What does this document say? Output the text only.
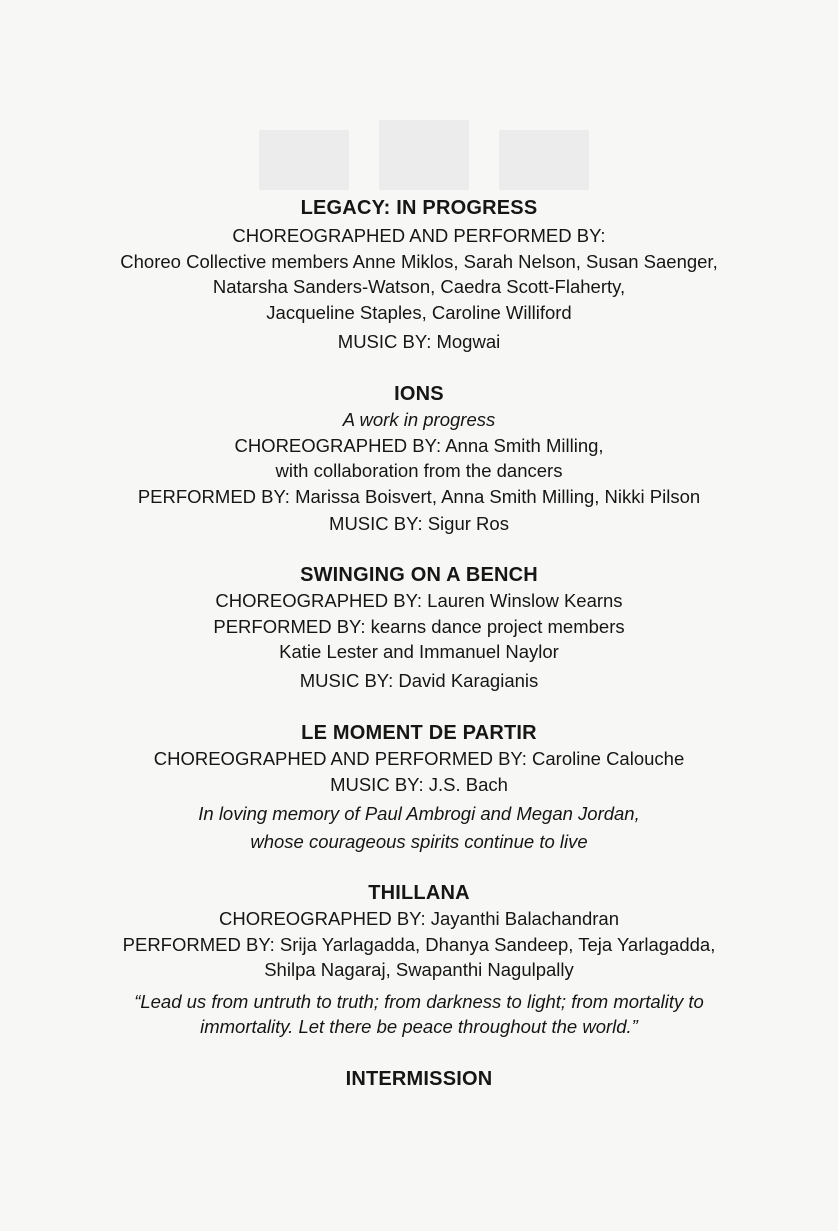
LEGACY: IN PROGRESS
CHOREOGRAPHED AND PERFORMED BY:
Choreo Collective members Anne Miklos, Sarah Nelson, Susan Saenger,
Natarsha Sanders-Watson, Caedra Scott-Flaherty,
Jacqueline Staples, Caroline Williford
MUSIC BY: Mogwai
IONS
A work in progress
CHOREOGRAPHED BY: Anna Smith Milling,
with collaboration from the dancers
PERFORMED BY: Marissa Boisvert, Anna Smith Milling, Nikki Pilson
MUSIC BY: Sigur Ros
SWINGING ON A BENCH
CHOREOGRAPHED BY: Lauren Winslow Kearns
PERFORMED BY: kearns dance project members
Katie Lester and Immanuel Naylor
MUSIC BY: David Karagianis
LE MOMENT DE PARTIR
CHOREOGRAPHED AND PERFORMED BY: Caroline Calouche
MUSIC BY: J.S. Bach
In loving memory of Paul Ambrogi and Megan Jordan,
whose courageous spirits continue to live
THILLANA
CHOREOGRAPHED BY: Jayanthi Balachandran
PERFORMED BY: Srija Yarlagadda, Dhanya Sandeep, Teja Yarlagadda,
Shilpa Nagaraj, Swapanthi Nagulpally
“Lead us from untruth to truth; from darkness to light; from mortality to
immortality. Let there be peace throughout the world.”
INTERMISSION
